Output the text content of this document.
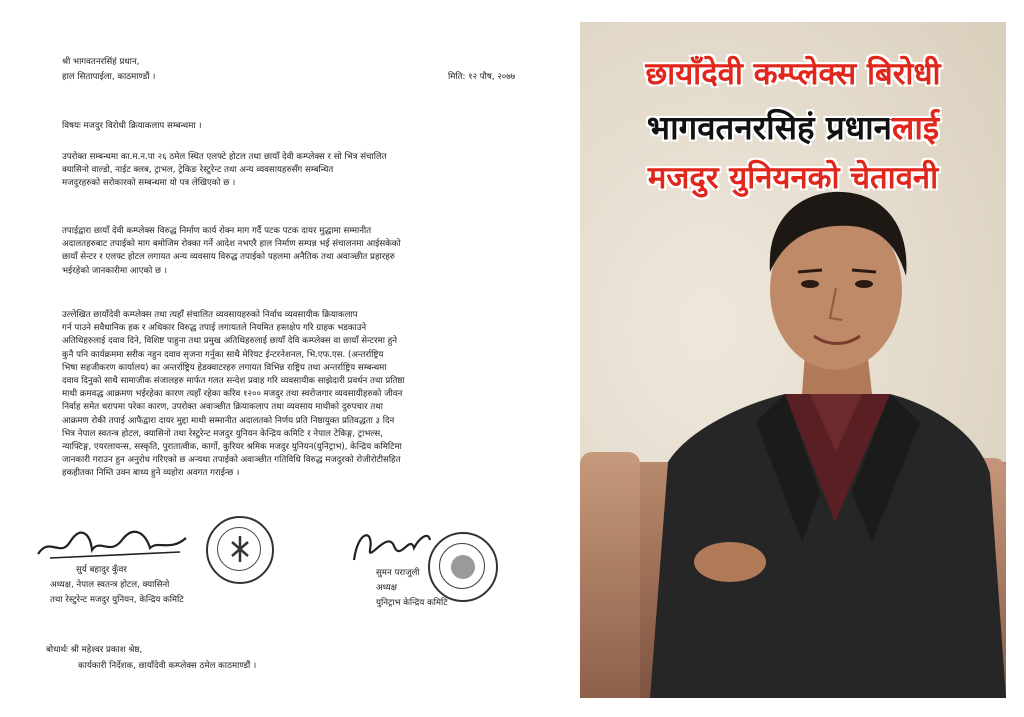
श्री भागवतनरसिंहं प्रधान,
हाल सितापाईला, काठमाण्डौं ।	मिति: १२ पौष, २०७७
विषयः मजदुर विरोधी क्रियाकलाप सम्बन्धमा ।
उपरोक्त सम्बन्धमा का.म.न.पा २६ ठमेल स्थित एलफ्टे होटल तथा छायाँ देवी कम्प्लेक्स र सो भित्र संचालित
क्यासिनो वाल्डो, नाईट क्लब, ट्राभल, ट्रेकिङ रेस्टुरेन्ट तथा अन्य व्यवसायहरुसँग सम्बन्धित
मजदुरहरुको सरोकारको सम्बन्धमा यो पत्र लेखिएको छ ।
तपाईद्वारा छायाँ देवी कम्प्लेक्स विरुद्ध निर्माण कार्य रोक्न माग गर्दै पटक पटक दायर मुद्धामा सम्मानीत
अदालतहरुबाट तपाईको माग बमोजिम रोक्का गर्ने आदेश नभएरै हाल निर्माण सम्पन्न भई संचालनमा आईसकेको
छायाँ सेन्टर र एलफ्ट होटल लगायत अन्य व्यवसाय विरुद्ध तपाईको पहलमा अनैतिक तथा अवाञ्छीत प्रहारहरु
भईरहेको जानकारीमा आएको छ ।
उल्लेखित छायाँदेवी कम्प्लेक्स तथा त्यहाँ संचालित व्यवसायहरुको निर्वाध व्यवसायीक क्रियाकलाप
गर्न पाउने सवैधानिक हक र अधिकार विरुद्ध तपाई लगायतले नियमित हस्तक्षेप गरि ग्राहक भडकाउने
अतिथिहरुलाई दवाव दिने, विशिष्ट पाहुना तथा प्रमुख अतिथिहरुलाई छायाँ देवि कम्प्लेक्स वा छायाँ सेन्टरमा हुने
कुनै पनि कार्यक्रममा सरीक नहुन दवाव सृजना गर्नुका साथै मेरियट ईन्टरनेशनल, भि.एफ.एस. (अन्तर्राष्ट्रिय
भिषा सहजीकरण कार्यालय) का अन्तर्राष्ट्रिय हेडक्वाटरहरु लगायत विभिन्न राष्ट्रिय तथा अन्तर्राष्ट्रिय सम्बन्धमा
दवाव दिनुको साथै सामाजीक संजालहरु मार्फत गलत सन्देश प्रवाह गरि व्यवसायीक साझेदारी प्रवर्धन तथा प्रतिष्ठा
माथी क्रमवद्ध आक्रमण भईरहेका कारण त्यहाँ रहेका करिव १२०० मजदुर तथा स्वरोजगार व्यवसायीहरुको जीवन
निर्वाह समेत धरापमा परेका कारण, उपरोक्त अवाञ्छीत क्रियाकलाप तथा व्यवसाय माथीको दुरुपचार तथा
आक्रमण रोकी तपाई आफैद्वारा दायर मुद्दा माथी सम्मानीत अदालतको निर्णय प्रति निष्ठायुक्त प्रतिवद्धता ३ दिन
भित्र नेपाल स्वतन्त्र होटल, क्यासिनो तथा रेस्टुरेन्ट मजदुर युनियन केन्द्रिय कमिटि र नेपाल टेकिङ्ग, ट्राभल्स,
न्याफ्टिङ्ग, एयरलायन्स, सस्कृति, पुरातात्वीक, कार्गो, कुरियर श्रमिक मजदुर युनियन(युनिट्राभ), केन्द्रिय कमिटिमा
जानकारी गराउन हुन अनुरोध गरिएको छ अन्यथा तपाईको अवाञ्छीत गतिविधि विरुद्ध मजदुरको रोजीरोटीसहित
हकहीतका निम्ति उक्न बाध्य हुने व्यहोरा अवगत गराईन्छ ।
सुर्य बहादुर कुँवर
अध्यक्ष, नेपाल स्वतन्त्र होटल, क्यासिनो
तथा रेस्टुरेन्ट मजदुर युनियन, केन्द्रिय कमिटि
सुमन पराजुली
अध्यक्ष
युनिट्राभ केन्द्रिय कमिटि
बोधार्थः श्री महेश्वर प्रकाश श्रेष्ठ,
कार्यकारी निर्देशक, छायाँदेवी कम्प्लेक्स ठमेल काठमाण्डौं ।
छायाँदेवी कम्प्लेक्स बिरोधी
भागवतनरसिहं प्रधानलाई
मजदुर युनियनको चेतावनी
